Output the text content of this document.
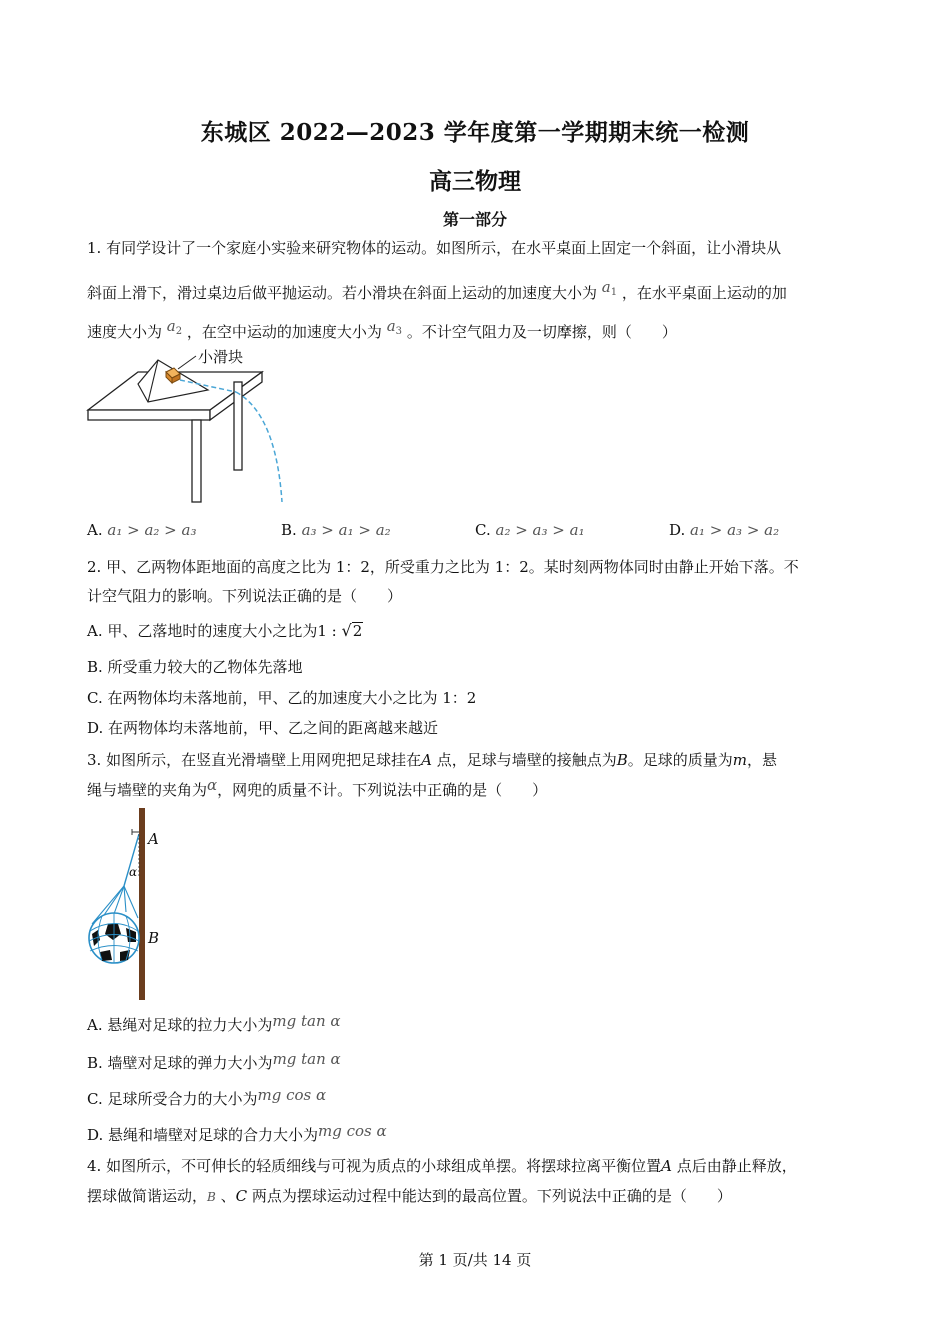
东城区 2022—2023 学年度第一学期期末统一检测
高三物理
第一部分
1. 有同学设计了一个家庭小实验来研究物体的运动。如图所示，在水平桌面上固定一个斜面，让小滑块从
斜面上滑下，滑过桌边后做平抛运动。若小滑块在斜面上运动的加速度大小为 $a_1$ ，在水平桌面上运动的加
速度大小为 $a_2$ ，在空中运动的加速度大小为 $a_3$ 。不计空气阻力及一切摩擦，则（　　）
小滑块
A. a₁ > a₂ > a₃	B. a₃ > a₁ > a₂	C. a₂ > a₃ > a₁	D. a₁ > a₃ > a₂
2. 甲、乙两物体距地面的高度之比为 1：2，所受重力之比为 1：2。某时刻两物体同时由静止开始下落。不
计空气阻力的影响。下列说法正确的是（　　）
A. 甲、乙落地时的速度大小之比为1 : √2
B. 所受重力较大的乙物体先落地
C. 在两物体均未落地前，甲、乙的加速度大小之比为 1：2
D. 在两物体均未落地前，甲、乙之间的距离越来越近
3. 如图所示，在竖直光滑墙壁上用网兜把足球挂在A 点，足球与墙壁的接触点为B。足球的质量为m，悬
绳与墙壁的夹角为α，网兜的质量不计。下列说法中正确的是（　　）
A
α
B
A. 悬绳对足球的拉力大小为mg tan α
B. 墙壁对足球的弹力大小为mg tan α
C. 足球所受合力的大小为mg cos α
D. 悬绳和墙壁对足球的合力大小为mg cos α
4. 如图所示，不可伸长的轻质细线与可视为质点的小球组成单摆。将摆球拉离平衡位置A 点后由静止释放，
摆球做简谐运动，B 、C 两点为摆球运动过程中能达到的最高位置。下列说法中正确的是（　　）
第 1 页/共 14 页
